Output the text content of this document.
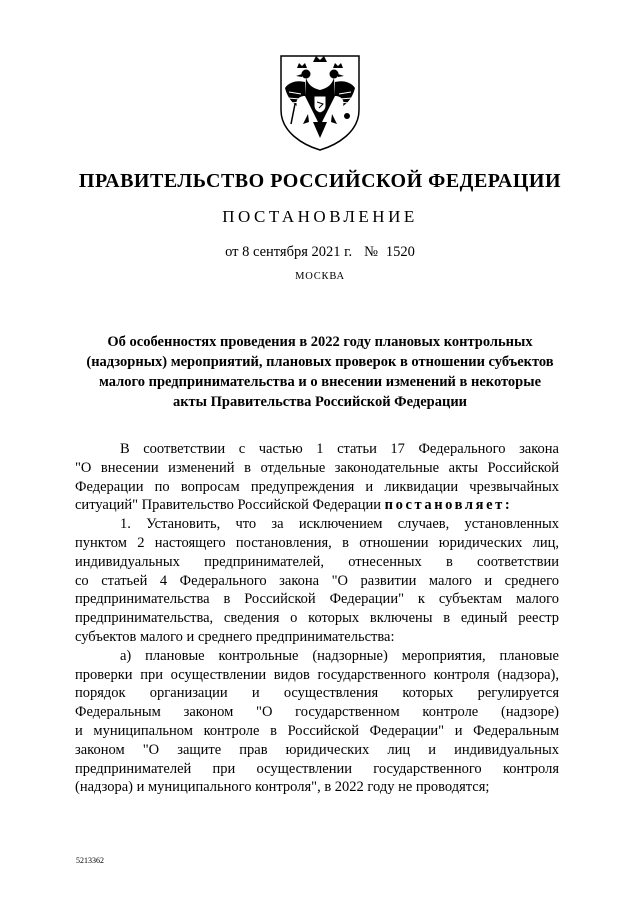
ПРАВИТЕЛЬСТВО РОССИЙСКОЙ ФЕДЕРАЦИИ
ПОСТАНОВЛЕНИЕ
от 8 сентября 2021 г. № 1520
МОСКВА
Об особенностях проведения в 2022 году плановых контрольных
(надзорных) мероприятий, плановых проверок в отношении субъектов
малого предпринимательства и о внесении изменений в некоторые
акты Правительства Российской Федерации
В соответствии с частью 1 статьи 17 Федерального закона
"О внесении изменений в отдельные законодательные акты Российской
Федерации по вопросам предупреждения и ликвидации чрезвычайных
ситуаций" Правительство Российской Федерации постановляет:
1. Установить, что за исключением случаев, установленных
пунктом 2 настоящего постановления, в отношении юридических лиц,
индивидуальных предпринимателей, отнесенных в соответствии
со статьей 4 Федерального закона "О развитии малого и среднего
предпринимательства в Российской Федерации" к субъектам малого
предпринимательства, сведения о которых включены в единый реестр
субъектов малого и среднего предпринимательства:
а) плановые контрольные (надзорные) мероприятия, плановые
проверки при осуществлении видов государственного контроля (надзора),
порядок организации и осуществления которых регулируется
Федеральным законом "О государственном контроле (надзоре)
и муниципальном контроле в Российской Федерации" и Федеральным
законом "О защите прав юридических лиц и индивидуальных
предпринимателей при осуществлении государственного контроля
(надзора) и муниципального контроля", в 2022 году не проводятся;
5213362
